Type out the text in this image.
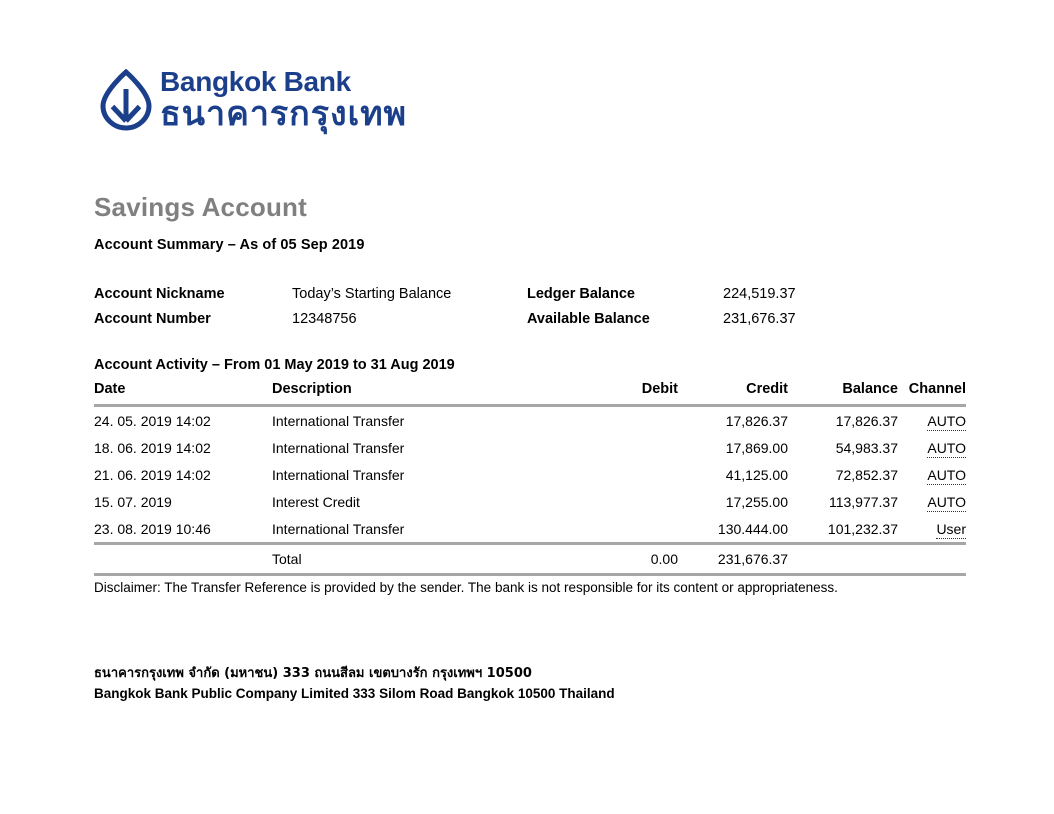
Bangkok Bank
ธนาคารกรุงเทพ
Savings Account
Account Summary – As of 05 Sep 2019
Account Nickname	Today’s Starting Balance	Ledger Balance	224,519.37
Account Number	12348756	Available Balance	231,676.37
Account Activity – From 01 May 2019 to 31 Aug 2019
Date	Description	Debit	Credit	Balance	Channel

24. 05. 2019 14:02	International Transfer		17,826.37	17,826.37	AUTO
18. 06. 2019 14:02	International Transfer		17,869.00	54,983.37	AUTO
21. 06. 2019 14:02	International Transfer		41,125.00	72,852.37	AUTO
15. 07. 2019	Interest Credit		17,255.00	113,977.37	AUTO
23. 08. 2019 10:46	International Transfer		130.444.00	101,232.37	User

	Total	0.00	231,676.37		

Disclaimer: The Transfer Reference is provided by the sender. The bank is not responsible for its content or appropriateness.
ธนาคารกรุงเทพ จำกัด (มหาชน) 333 ถนนสีลม เขตบางรัก กรุงเทพฯ 10500
Bangkok Bank Public Company Limited 333 Silom Road Bangkok 10500 Thailand
